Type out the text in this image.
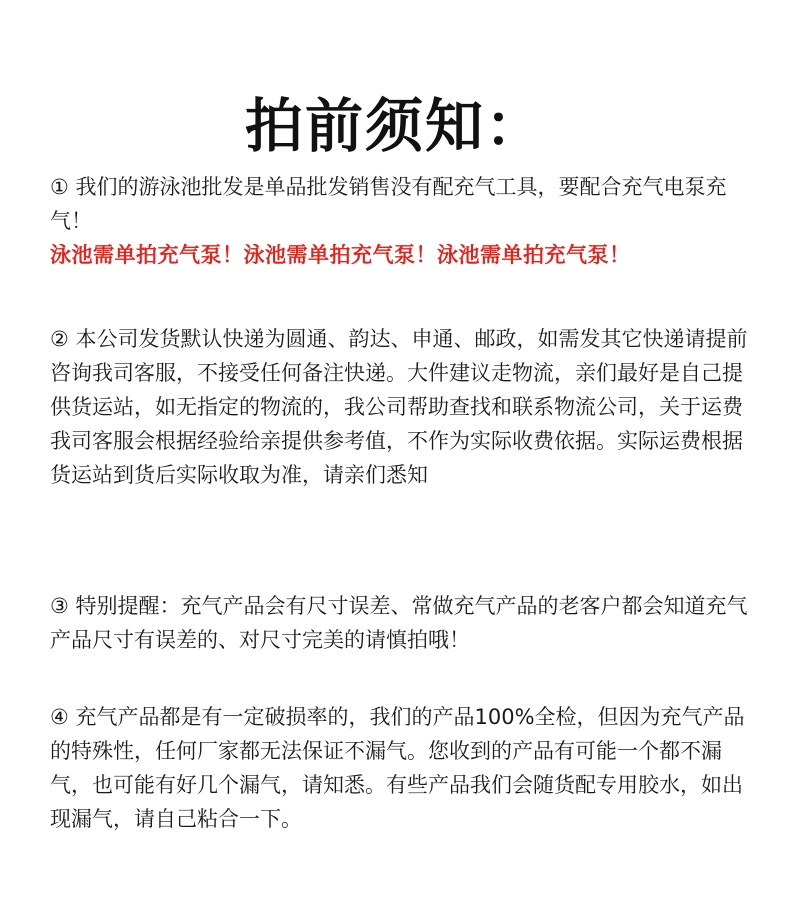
拍前须知：

① 我们的游泳池批发是单品批发销售没有配充气工具，要配合充气电泵充气！

泳池需单拍充气泵！泳池需单拍充气泵！泳池需单拍充气泵！

② 本公司发货默认快递为圆通、韵达、申通、邮政，如需发其它快递请提前咨询我司客服，不接受任何备注快递。大件建议走物流，亲们最好是自己提供货运站，如无指定的物流的，我公司帮助查找和联系物流公司，关于运费我司客服会根据经验给亲提供参考值，不作为实际收费依据。实际运费根据货运站到货后实际收取为准，请亲们悉知

③ 特别提醒：充气产品会有尺寸误差、常做充气产品的老客户都会知道充气产品尺寸有误差的、对尺寸完美的请慎拍哦！

④ 充气产品都是有一定破损率的，我们的产品100%全检，但因为充气产品的特殊性，任何厂家都无法保证不漏气。您收到的产品有可能一个都不漏气，也可能有好几个漏气，请知悉。有些产品我们会随货配专用胶水，如出现漏气，请自己粘合一下。
